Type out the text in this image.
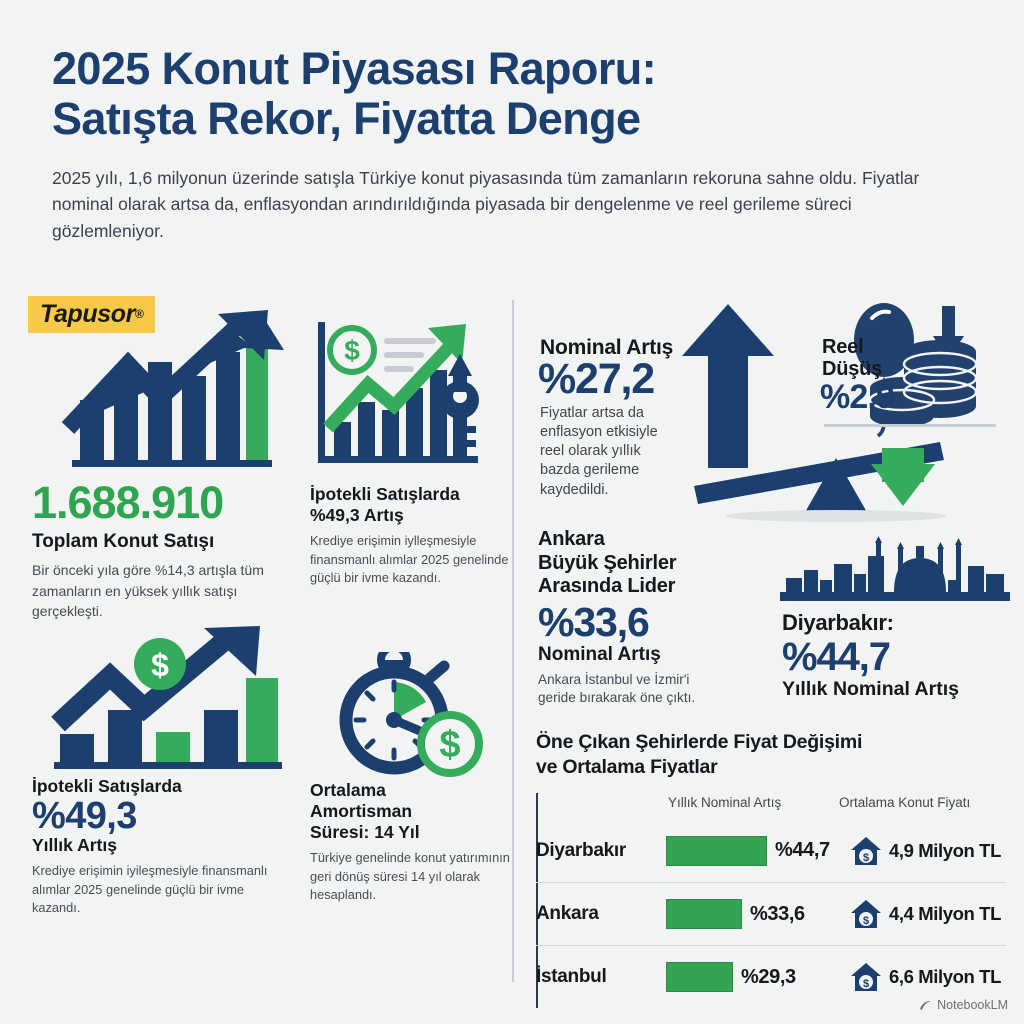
2025 Konut Piyasası Raporu:
Satışta Rekor, Fiyatta Denge
2025 yılı, 1,6 milyonun üzerinde satışla Türkiye konut piyasasında tüm zamanların rekoruna sahne oldu. Fiyatlar nominal olarak artsa da, enflasyondan arındırıldığında piyasada bir dengelenme ve reel gerileme süreci gözlemleniyor.
Tapusor®
1.688.910
Toplam Konut Satışı
Bir önceki yıla göre %14,3 artışla tüm zamanların en yüksek yıllık satışı gerçekleşti.
$
İpotekli Satışlarda
%49,3 Artış
Krediye erişimin iylleşmesiyle finansmanlı alımlar 2025 genelinde güçlü bir ivme kazandı.
$
İpotekli Satışlarda
%49,3
Yıllık Artış
Krediye erişimin iyileşmesiyle finansmanlı alımlar 2025 genelinde güçlü bir ivme kazandı.
$
Ortalama
Amortisman
Süresi: 14 Yıl
Türkiye genelinde konut yatırımının geri dönüş süresi 14 yıl olarak hesaplandı.
Nominal Artış
%27,2
Fiyatlar artsa da enflasyon etkisiyle reel olarak yıllık bazda gerileme kaydedildi.
Reel
Düşüş
%2,9
Ankara
Büyük Şehirler
Arasında Lider
%33,6
Nominal Artış
Ankara İstanbul ve İzmir'i geride bırakarak öne çıktı.
Diyarbakır:
%44,7
Yıllık Nominal Artış
Öne Çıkan Şehirlerde Fiyat Değişimi
ve Ortalama Fiyatlar
Yıllık Nominal Artış	Ortalama Konut Fiyatı
Diyarbakır	%44,7	$ 4,9 Milyon TL
Ankara	%33,6	$ 4,4 Milyon TL
İstanbul	%29,3	$ 6,6 Milyon TL
NotebookLM
